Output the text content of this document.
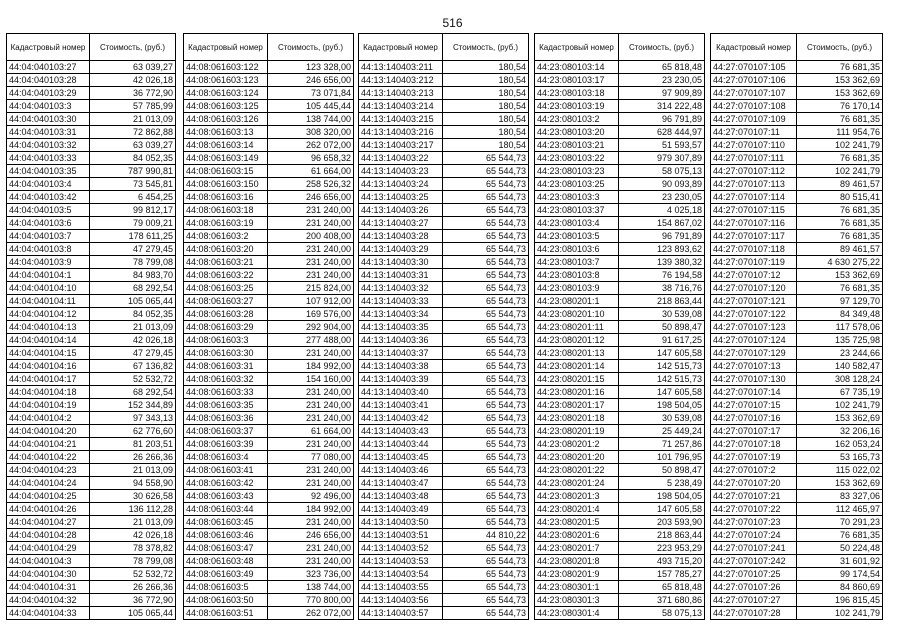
516
Кадастровый номер	Стоимость, (руб.)
44:04:040103:27	63 039,27
44:04:040103:28	42 026,18
44:04:040103:29	36 772,90
44:04:040103:3	57 785,99
44:04:040103:30	21 013,09
44:04:040103:31	72 862,88
44:04:040103:32	63 039,27
44:04:040103:33	84 052,35
44:04:040103:35	787 990,81
44:04:040103:4	73 545,81
44:04:040103:42	6 454,25
44:04:040103:5	99 812,17
44:04:040103:6	79 009,21
44:04:040103:7	178 611,25
44:04:040103:8	47 279,45
44:04:040103:9	78 799,08
44:04:040104:1	84 983,70
44:04:040104:10	68 292,54
44:04:040104:11	105 065,44
44:04:040104:12	84 052,35
44:04:040104:13	21 013,09
44:04:040104:14	42 026,18
44:04:040104:15	47 279,45
44:04:040104:16	67 136,82
44:04:040104:17	52 532,72
44:04:040104:18	68 292,54
44:04:040104:19	152 344,89
44:04:040104:2	97 343,13
44:04:040104:20	62 776,60
44:04:040104:21	81 203,51
44:04:040104:22	26 266,36
44:04:040104:23	21 013,09
44:04:040104:24	94 558,90
44:04:040104:25	30 626,58
44:04:040104:26	136 112,28
44:04:040104:27	21 013,09
44:04:040104:28	42 026,18
44:04:040104:29	78 378,82
44:04:040104:3	78 799,08
44:04:040104:30	52 532,72
44:04:040104:31	26 266,36
44:04:040104:32	36 772,90
44:04:040104:33	105 065,44
Кадастровый номер	Стоимость, (руб.)
44:08:061603:122	123 328,00
44:08:061603:123	246 656,00
44:08:061603:124	73 071,84
44:08:061603:125	105 445,44
44:08:061603:126	138 744,00
44:08:061603:13	308 320,00
44:08:061603:14	262 072,00
44:08:061603:149	96 658,32
44:08:061603:15	61 664,00
44:08:061603:150	258 526,32
44:08:061603:16	246 656,00
44:08:061603:18	231 240,00
44:08:061603:19	231 240,00
44:08:061603:2	200 408,00
44:08:061603:20	231 240,00
44:08:061603:21	231 240,00
44:08:061603:22	231 240,00
44:08:061603:25	215 824,00
44:08:061603:27	107 912,00
44:08:061603:28	169 576,00
44:08:061603:29	292 904,00
44:08:061603:3	277 488,00
44:08:061603:30	231 240,00
44:08:061603:31	184 992,00
44:08:061603:32	154 160,00
44:08:061603:33	231 240,00
44:08:061603:35	231 240,00
44:08:061603:36	231 240,00
44:08:061603:37	61 664,00
44:08:061603:39	231 240,00
44:08:061603:4	77 080,00
44:08:061603:41	231 240,00
44:08:061603:42	231 240,00
44:08:061603:43	92 496,00
44:08:061603:44	184 992,00
44:08:061603:45	231 240,00
44:08:061603:46	246 656,00
44:08:061603:47	231 240,00
44:08:061603:48	231 240,00
44:08:061603:49	323 736,00
44:08:061603:5	138 744,00
44:08:061603:50	770 800,00
44:08:061603:51	262 072,00
Кадастровый номер	Стоимость, (руб.)
44:13:140403:211	180,54
44:13:140403:212	180,54
44:13:140403:213	180,54
44:13:140403:214	180,54
44:13:140403:215	180,54
44:13:140403:216	180,54
44:13:140403:217	180,54
44:13:140403:22	65 544,73
44:13:140403:23	65 544,73
44:13:140403:24	65 544,73
44:13:140403:25	65 544,73
44:13:140403:26	65 544,73
44:13:140403:27	65 544,73
44:13:140403:28	65 544,73
44:13:140403:29	65 544,73
44:13:140403:30	65 544,73
44:13:140403:31	65 544,73
44:13:140403:32	65 544,73
44:13:140403:33	65 544,73
44:13:140403:34	65 544,73
44:13:140403:35	65 544,73
44:13:140403:36	65 544,73
44:13:140403:37	65 544,73
44:13:140403:38	65 544,73
44:13:140403:39	65 544,73
44:13:140403:40	65 544,73
44:13:140403:41	65 544,73
44:13:140403:42	65 544,73
44:13:140403:43	65 544,73
44:13:140403:44	65 544,73
44:13:140403:45	65 544,73
44:13:140403:46	65 544,73
44:13:140403:47	65 544,73
44:13:140403:48	65 544,73
44:13:140403:49	65 544,73
44:13:140403:50	65 544,73
44:13:140403:51	44 810,22
44:13:140403:52	65 544,73
44:13:140403:53	65 544,73
44:13:140403:54	65 544,73
44:13:140403:55	65 544,73
44:13:140403:56	65 544,73
44:13:140403:57	65 544,73
Кадастровый номер	Стоимость, (руб.)
44:23:080103:14	65 818,48
44:23:080103:17	23 230,05
44:23:080103:18	97 909,89
44:23:080103:19	314 222,48
44:23:080103:2	96 791,89
44:23:080103:20	628 444,97
44:23:080103:21	51 593,57
44:23:080103:22	979 307,89
44:23:080103:23	58 075,13
44:23:080103:25	90 093,89
44:23:080103:3	23 230,05
44:23:080103:37	4 025,18
44:23:080103:4	154 867,02
44:23:080103:5	96 791,89
44:23:080103:6	123 893,62
44:23:080103:7	139 380,32
44:23:080103:8	76 194,58
44:23:080103:9	38 716,76
44:23:080201:1	218 863,44
44:23:080201:10	30 539,08
44:23:080201:11	50 898,47
44:23:080201:12	91 617,25
44:23:080201:13	147 605,58
44:23:080201:14	142 515,73
44:23:080201:15	142 515,73
44:23:080201:16	147 605,58
44:23:080201:17	198 504,05
44:23:080201:18	30 539,08
44:23:080201:19	25 449,24
44:23:080201:2	71 257,86
44:23:080201:20	101 796,95
44:23:080201:22	50 898,47
44:23:080201:24	5 238,49
44:23:080201:3	198 504,05
44:23:080201:4	147 605,58
44:23:080201:5	203 593,90
44:23:080201:6	218 863,44
44:23:080201:7	223 953,29
44:23:080201:8	493 715,20
44:23:080201:9	157 785,27
44:23:080301:1	65 818,48
44:23:080301:3	371 680,86
44:23:080301:4	58 075,13
Кадастровый номер	Стоимость, (руб.)
44:27:070107:105	76 681,35
44:27:070107:106	153 362,69
44:27:070107:107	153 362,69
44:27:070107:108	76 170,14
44:27:070107:109	76 681,35
44:27:070107:11	111 954,76
44:27:070107:110	102 241,79
44:27:070107:111	76 681,35
44:27:070107:112	102 241,79
44:27:070107:113	89 461,57
44:27:070107:114	80 515,41
44:27:070107:115	76 681,35
44:27:070107:116	76 681,35
44:27:070107:117	76 681,35
44:27:070107:118	89 461,57
44:27:070107:119	4 630 275,22
44:27:070107:12	153 362,69
44:27:070107:120	76 681,35
44:27:070107:121	97 129,70
44:27:070107:122	84 349,48
44:27:070107:123	117 578,06
44:27:070107:124	135 725,98
44:27:070107:129	23 244,66
44:27:070107:13	140 582,47
44:27:070107:130	308 128,24
44:27:070107:14	67 735,19
44:27:070107:15	102 241,79
44:27:070107:16	153 362,69
44:27:070107:17	32 206,16
44:27:070107:18	162 053,24
44:27:070107:19	53 165,73
44:27:070107:2	115 022,02
44:27:070107:20	153 362,69
44:27:070107:21	83 327,06
44:27:070107:22	112 465,97
44:27:070107:23	70 291,23
44:27:070107:24	76 681,35
44:27:070107:241	50 224,48
44:27:070107:242	31 601,92
44:27:070107:25	99 174,54
44:27:070107:26	84 860,69
44:27:070107:27	196 815,45
44:27:070107:28	102 241,79
